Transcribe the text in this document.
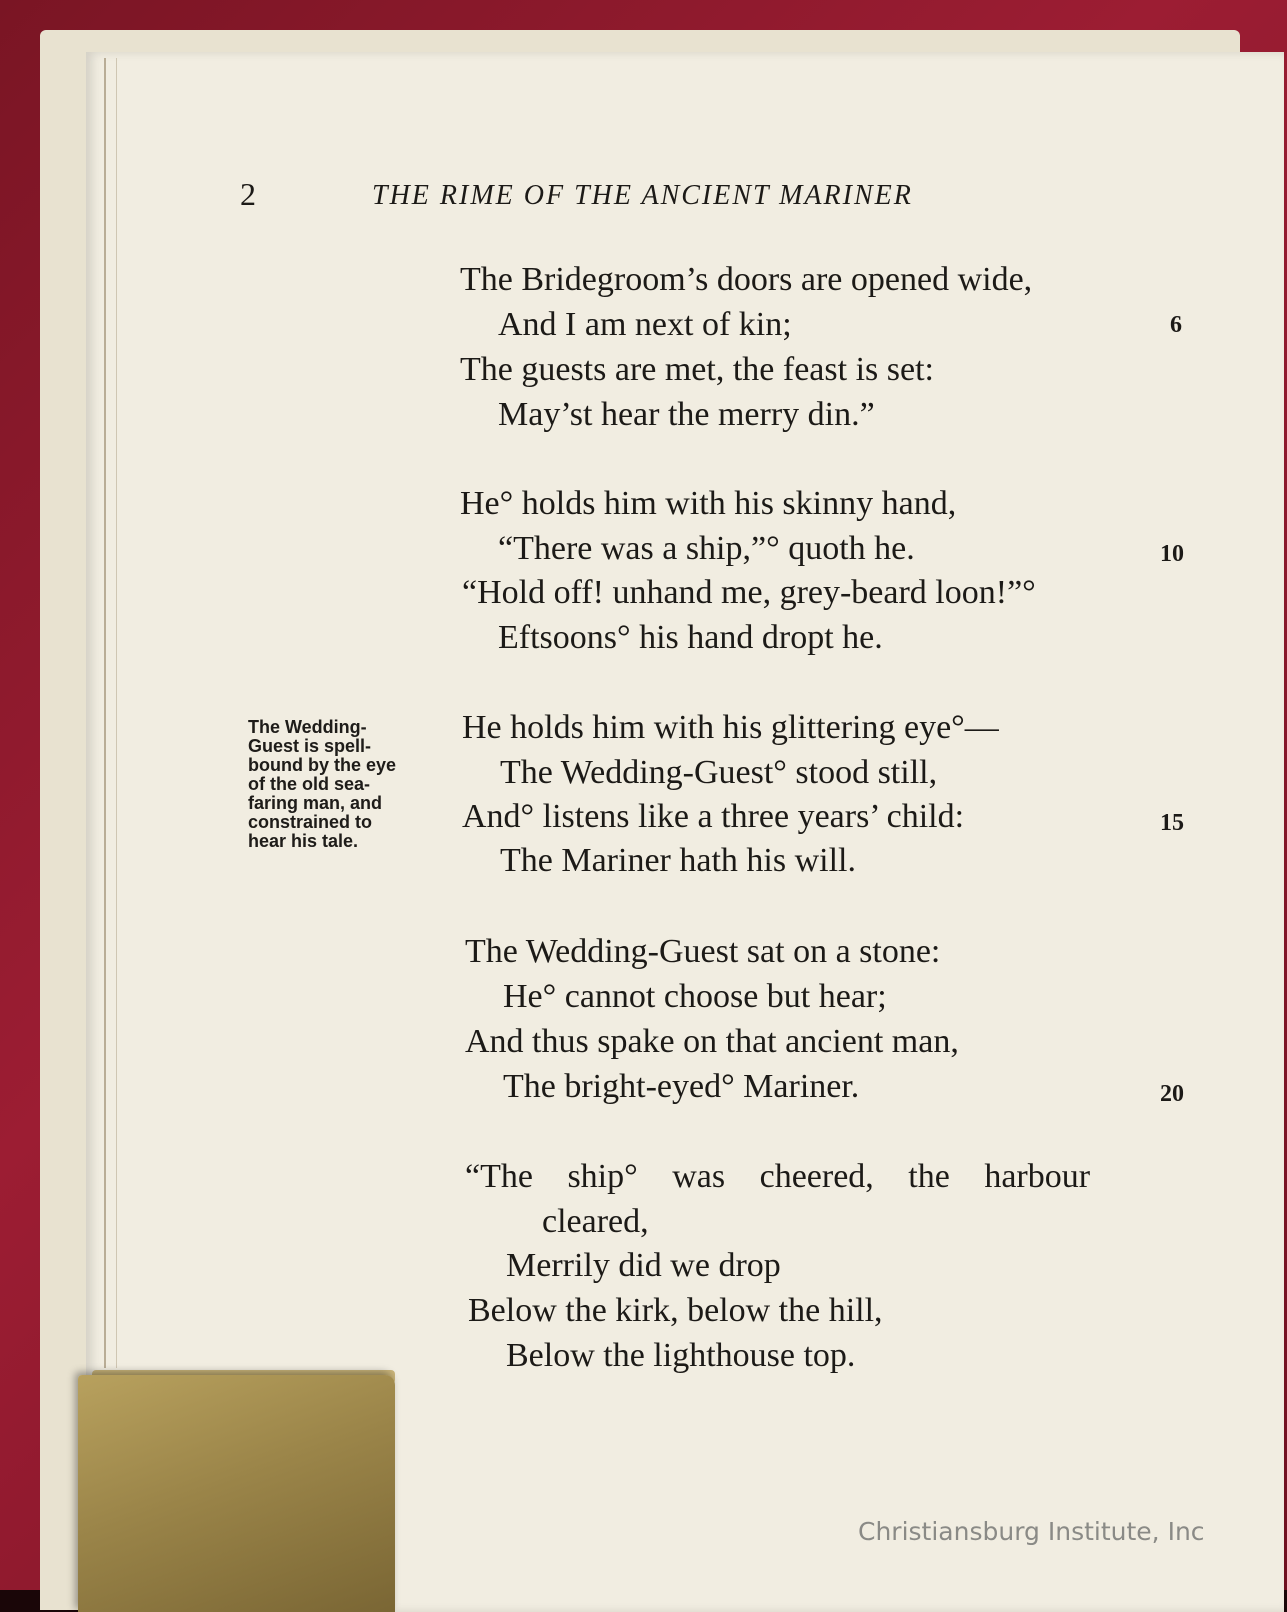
2	THE RIME OF THE ANCIENT MARINER
The Wedding-
Guest is spell-
bound by the eye
of the old sea-
faring man, and
constrained to
hear his tale.
The Bridegroom’s doors are opened wide,
And I am next of kin;	6
The guests are met, the feast is set:
May’st hear the merry din.”
He° holds him with his skinny hand,
“There was a ship,”° quoth he.	10
“Hold off! unhand me, grey-beard loon!”°
Eftsoons° his hand dropt he.
He holds him with his glittering eye°—
The Wedding-Guest° stood still,
And° listens like a three years’ child:	15
The Mariner hath his will.
The Wedding-Guest sat on a stone:
He° cannot choose but hear;
And thus spake on that ancient man,
The bright-eyed° Mariner.	20
“The ship° was cheered, the harbour
cleared,
Merrily did we drop
Below the kirk, below the hill,
Below the lighthouse top.
Christiansburg Institute, Inc
